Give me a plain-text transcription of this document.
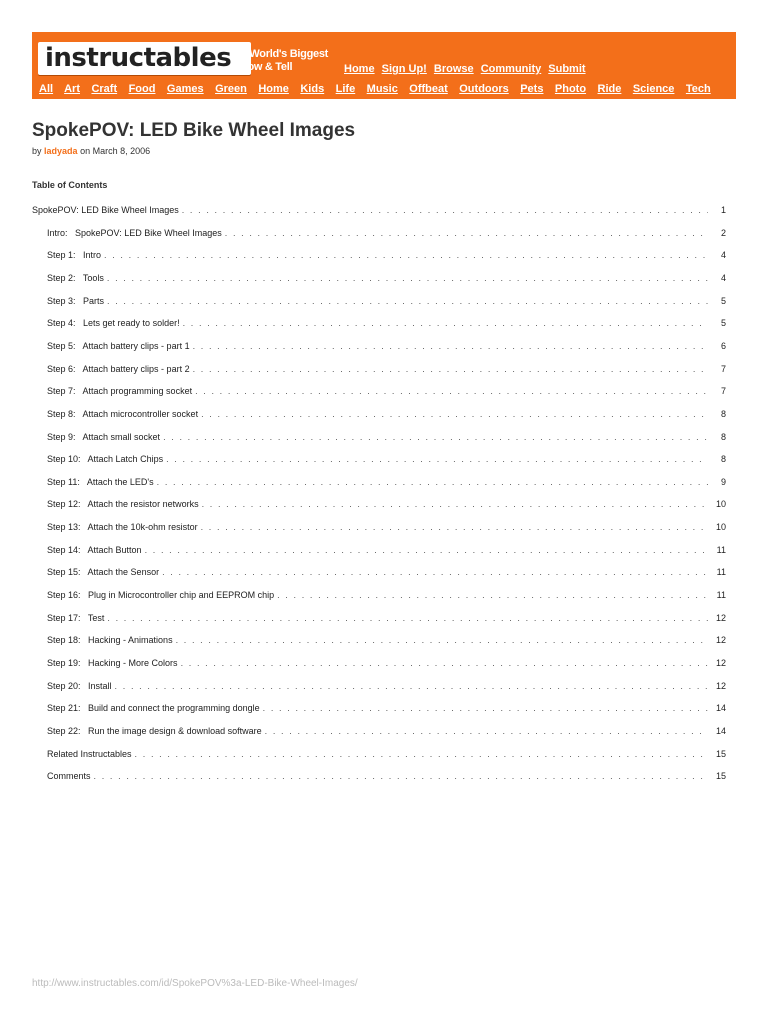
instructables
The World's Biggest
Show & Tell	Home Sign Up! Browse Community Submit
All Art Craft Food Games Green Home Kids Life Music Offbeat Outdoors Pets Photo Ride Science Tech
SpokePOV: LED Bike Wheel Images
by ladyada on March 8, 2006
Table of Contents
SpokePOV: LED Bike Wheel Images . . .	1
Intro:   SpokePOV: LED Bike Wheel Images . . .	2
Step 1:   Intro . . .	4
Step 2:   Tools . . .	4
Step 3:   Parts . . .	5
Step 4:   Lets get ready to solder! . . .	5
Step 5:   Attach battery clips - part 1 . . .	6
Step 6:   Attach battery clips - part 2 . . .	7
Step 7:   Attach programming socket . . .	7
Step 8:   Attach microcontroller socket . . .	8
Step 9:   Attach small socket . . .	8
Step 10:   Attach Latch Chips . . .	8
Step 11:   Attach the LED's . . .	9
Step 12:   Attach the resistor networks . . .	10
Step 13:   Attach the 10k-ohm resistor . . .	10
Step 14:   Attach Button . . .	11
Step 15:   Attach the Sensor . . .	11
Step 16:   Plug in Microcontroller chip and EEPROM chip . . .	11
Step 17:   Test . . .	12
Step 18:   Hacking - Animations . . .	12
Step 19:   Hacking - More Colors . . .	12
Step 20:   Install . . .	12
Step 21:   Build and connect the programming dongle . . .	14
Step 22:   Run the image design & download software . . .	14
Related Instructables . . .	15
Comments . . .	15
http://www.instructables.com/id/SpokePOV%3a-LED-Bike-Wheel-Images/
